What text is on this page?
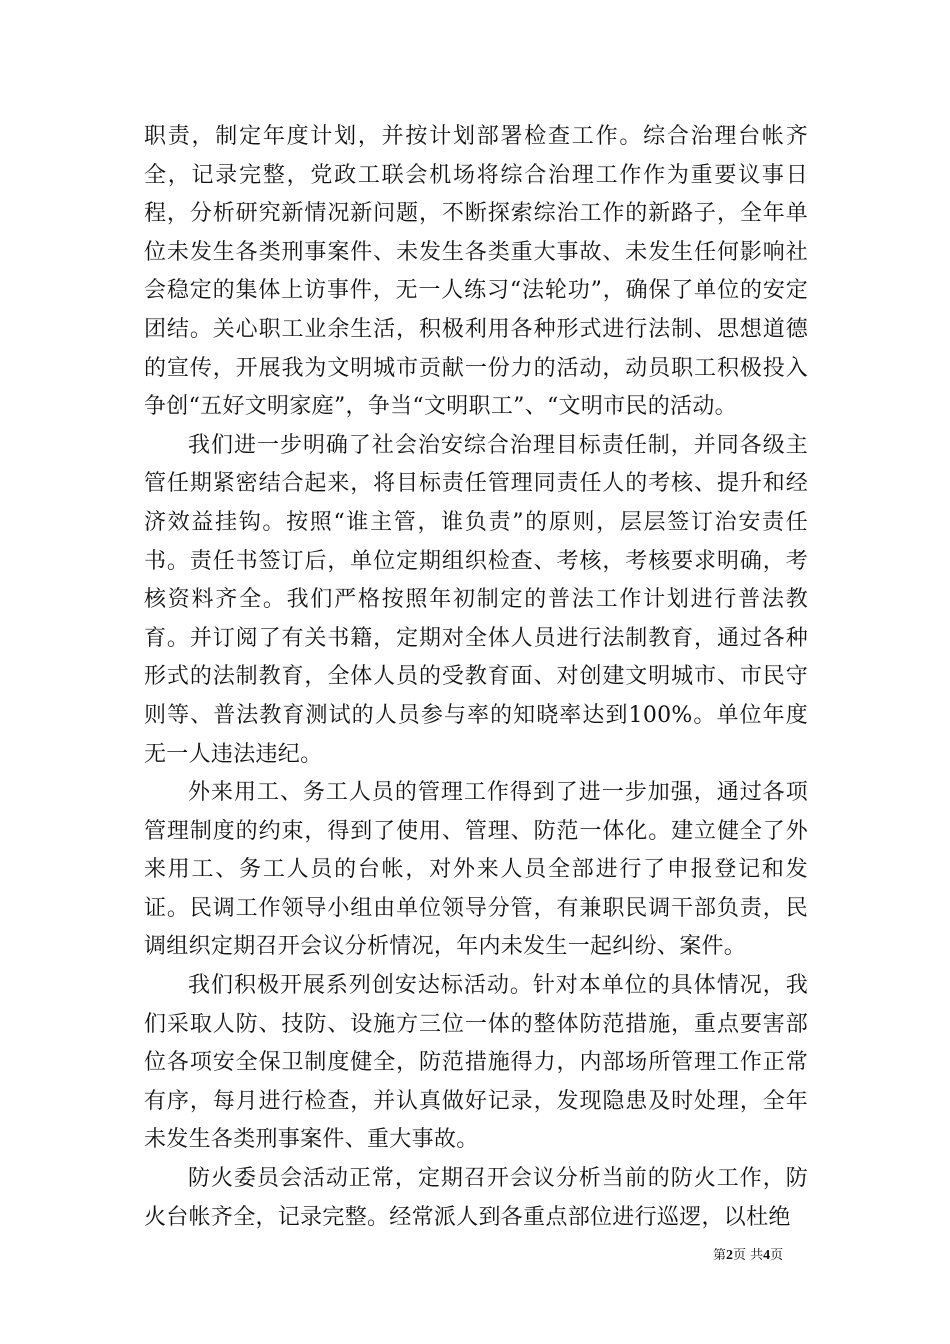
职责，制定年度计划，并按计划部署检查工作。综合治理台帐齐全，记录完整，党政工联会机场将综合治理工作作为重要议事日程，分析研究新情况新问题，不断探索综治工作的新路子，全年单位未发生各类刑事案件、未发生各类重大事故、未发生任何影响社会稳定的集体上访事件，无一人练习“法轮功”，确保了单位的安定团结。关心职工业余生活，积极利用各种形式进行法制、思想道德的宣传，开展我为文明城市贡献一份力的活动，动员职工积极投入争创“五好文明家庭”，争当“文明职工”、“文明市民的活动。

我们进一步明确了社会治安综合治理目标责任制，并同各级主管任期紧密结合起来，将目标责任管理同责任人的考核、提升和经济效益挂钩。按照“谁主管，谁负责”的原则，层层签订治安责任书。责任书签订后，单位定期组织检查、考核，考核要求明确，考核资料齐全。我们严格按照年初制定的普法工作计划进行普法教育。并订阅了有关书籍，定期对全体人员进行法制教育，通过各种形式的法制教育，全体人员的受教育面、对创建文明城市、市民守则等、普法教育测试的人员参与率的知晓率达到100%。单位年度无一人违法违纪。

外来用工、务工人员的管理工作得到了进一步加强，通过各项管理制度的约束，得到了使用、管理、防范一体化。建立健全了外来用工、务工人员的台帐，对外来人员全部进行了申报登记和发证。民调工作领导小组由单位领导分管，有兼职民调干部负责，民调组织定期召开会议分析情况，年内未发生一起纠纷、案件。

我们积极开展系列创安达标活动。针对本单位的具体情况，我们采取人防、技防、设施方三位一体的整体防范措施，重点要害部位各项安全保卫制度健全，防范措施得力，内部场所管理工作正常有序，每月进行检查，并认真做好记录，发现隐患及时处理，全年未发生各类刑事案件、重大事故。

防火委员会活动正常，定期召开会议分析当前的防火工作，防火台帐齐全，记录完整。经常派人到各重点部位进行巡逻，以杜绝

第2页 共4页
